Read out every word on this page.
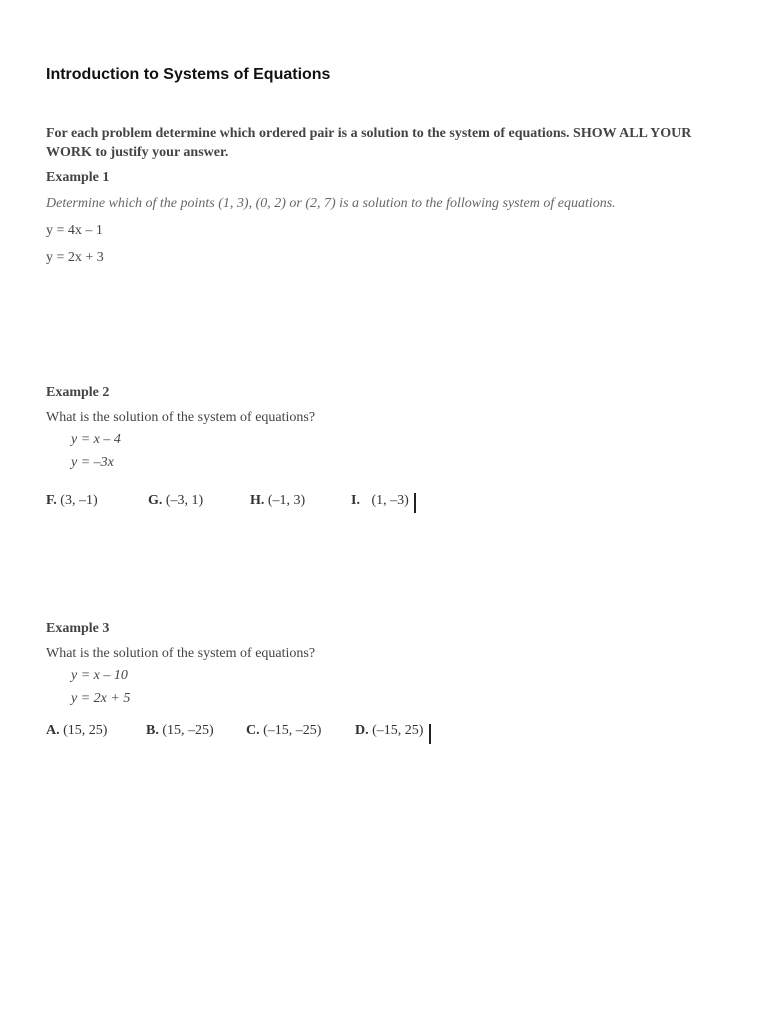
Introduction to Systems of Equations
For each problem determine which ordered pair is a solution to the system of equations. SHOW ALL YOUR WORK to justify your answer.
Example 1
Determine which of the points (1, 3), (0, 2) or (2, 7) is a solution to the following system of equations.
y = 4x – 1
y = 2x + 3
Example 2
What is the solution of the system of equations?
y = x – 4
y = –3x
F. (3, –1)	G. (–3, 1)	H. (–1, 3)	I. (1, –3)
Example 3
What is the solution of the system of equations?
y = x – 10
y = 2x + 5
A. (15, 25)	B. (15, –25) C. (–15, –25) D. (–15, 25)
